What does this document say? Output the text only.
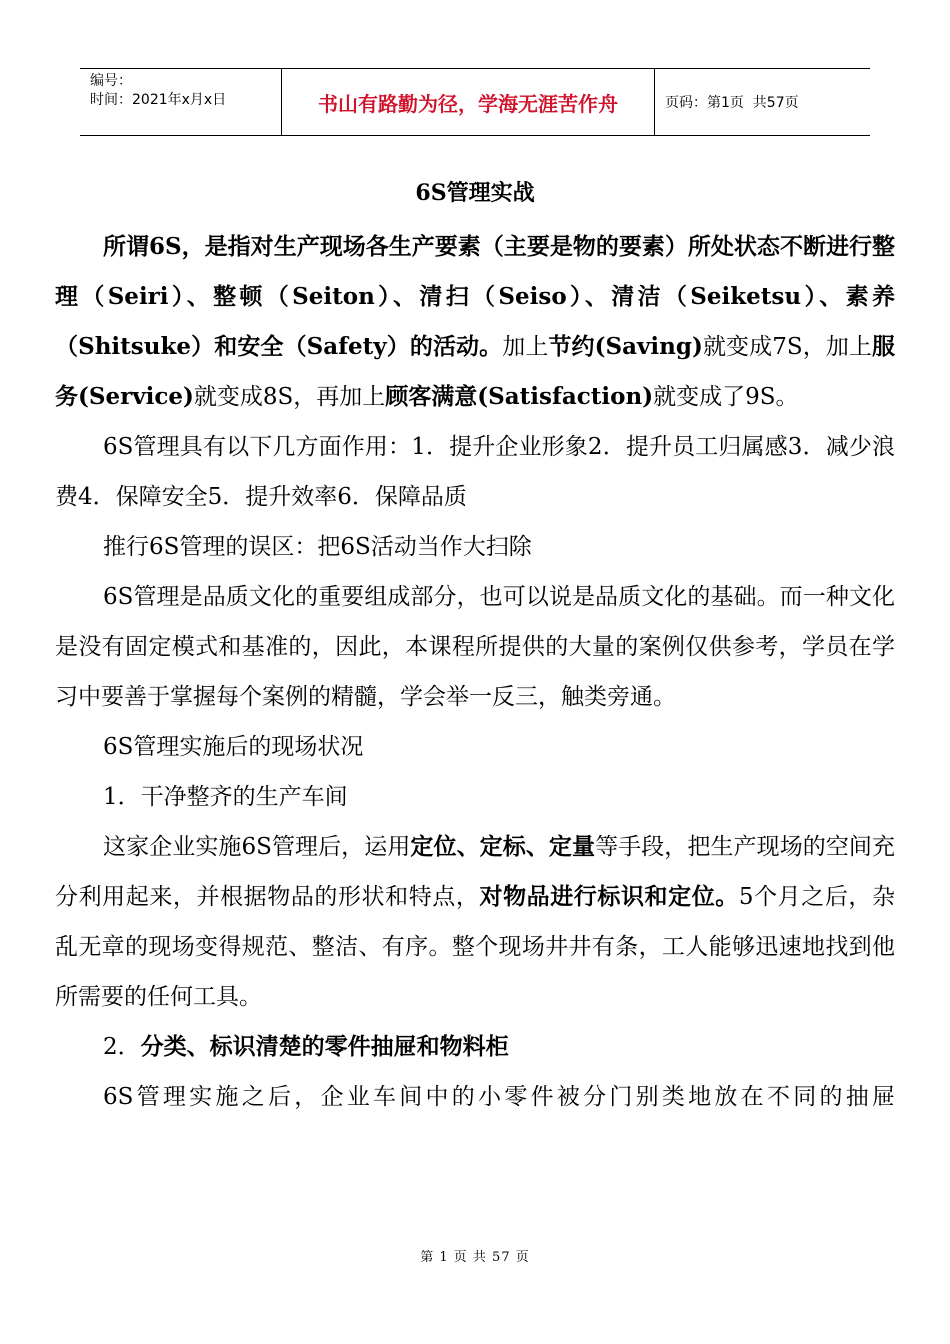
编号：
时间：2021年x月x日	书山有路勤为径，学海无涯苦作舟	页码：第1页  共57页
6S管理实战

所谓6S，是指对生产现场各生产要素（主要是物的要素）所处状态不断进行整理（Seiri）、整顿（Seiton）、清扫（Seiso）、清洁（Seiketsu）、素养（Shitsuke）和安全（Safety）的活动。加上节约(Saving)就变成7S，加上服务(Service)就变成8S，再加上顾客满意(Satisfaction)就变成了9S。

6S管理具有以下几方面作用：1．提升企业形象2．提升员工归属感3．减少浪费4．保障安全5．提升效率6．保障品质

推行6S管理的误区：把6S活动当作大扫除

6S管理是品质文化的重要组成部分，也可以说是品质文化的基础。而一种文化是没有固定模式和基准的，因此，本课程所提供的大量的案例仅供参考，学员在学习中要善于掌握每个案例的精髓，学会举一反三，触类旁通。

6S管理实施后的现场状况

1．干净整齐的生产车间

这家企业实施6S管理后，运用定位、定标、定量等手段，把生产现场的空间充分利用起来，并根据物品的形状和特点，对物品进行标识和定位。5个月之后，杂乱无章的现场变得规范、整洁、有序。整个现场井井有条，工人能够迅速地找到他所需要的任何工具。

2．分类、标识清楚的零件抽屉和物料柜

6S管理实施之后，企业车间中的小零件被分门别类地放在不同的抽屉

第 1 页 共 57 页
